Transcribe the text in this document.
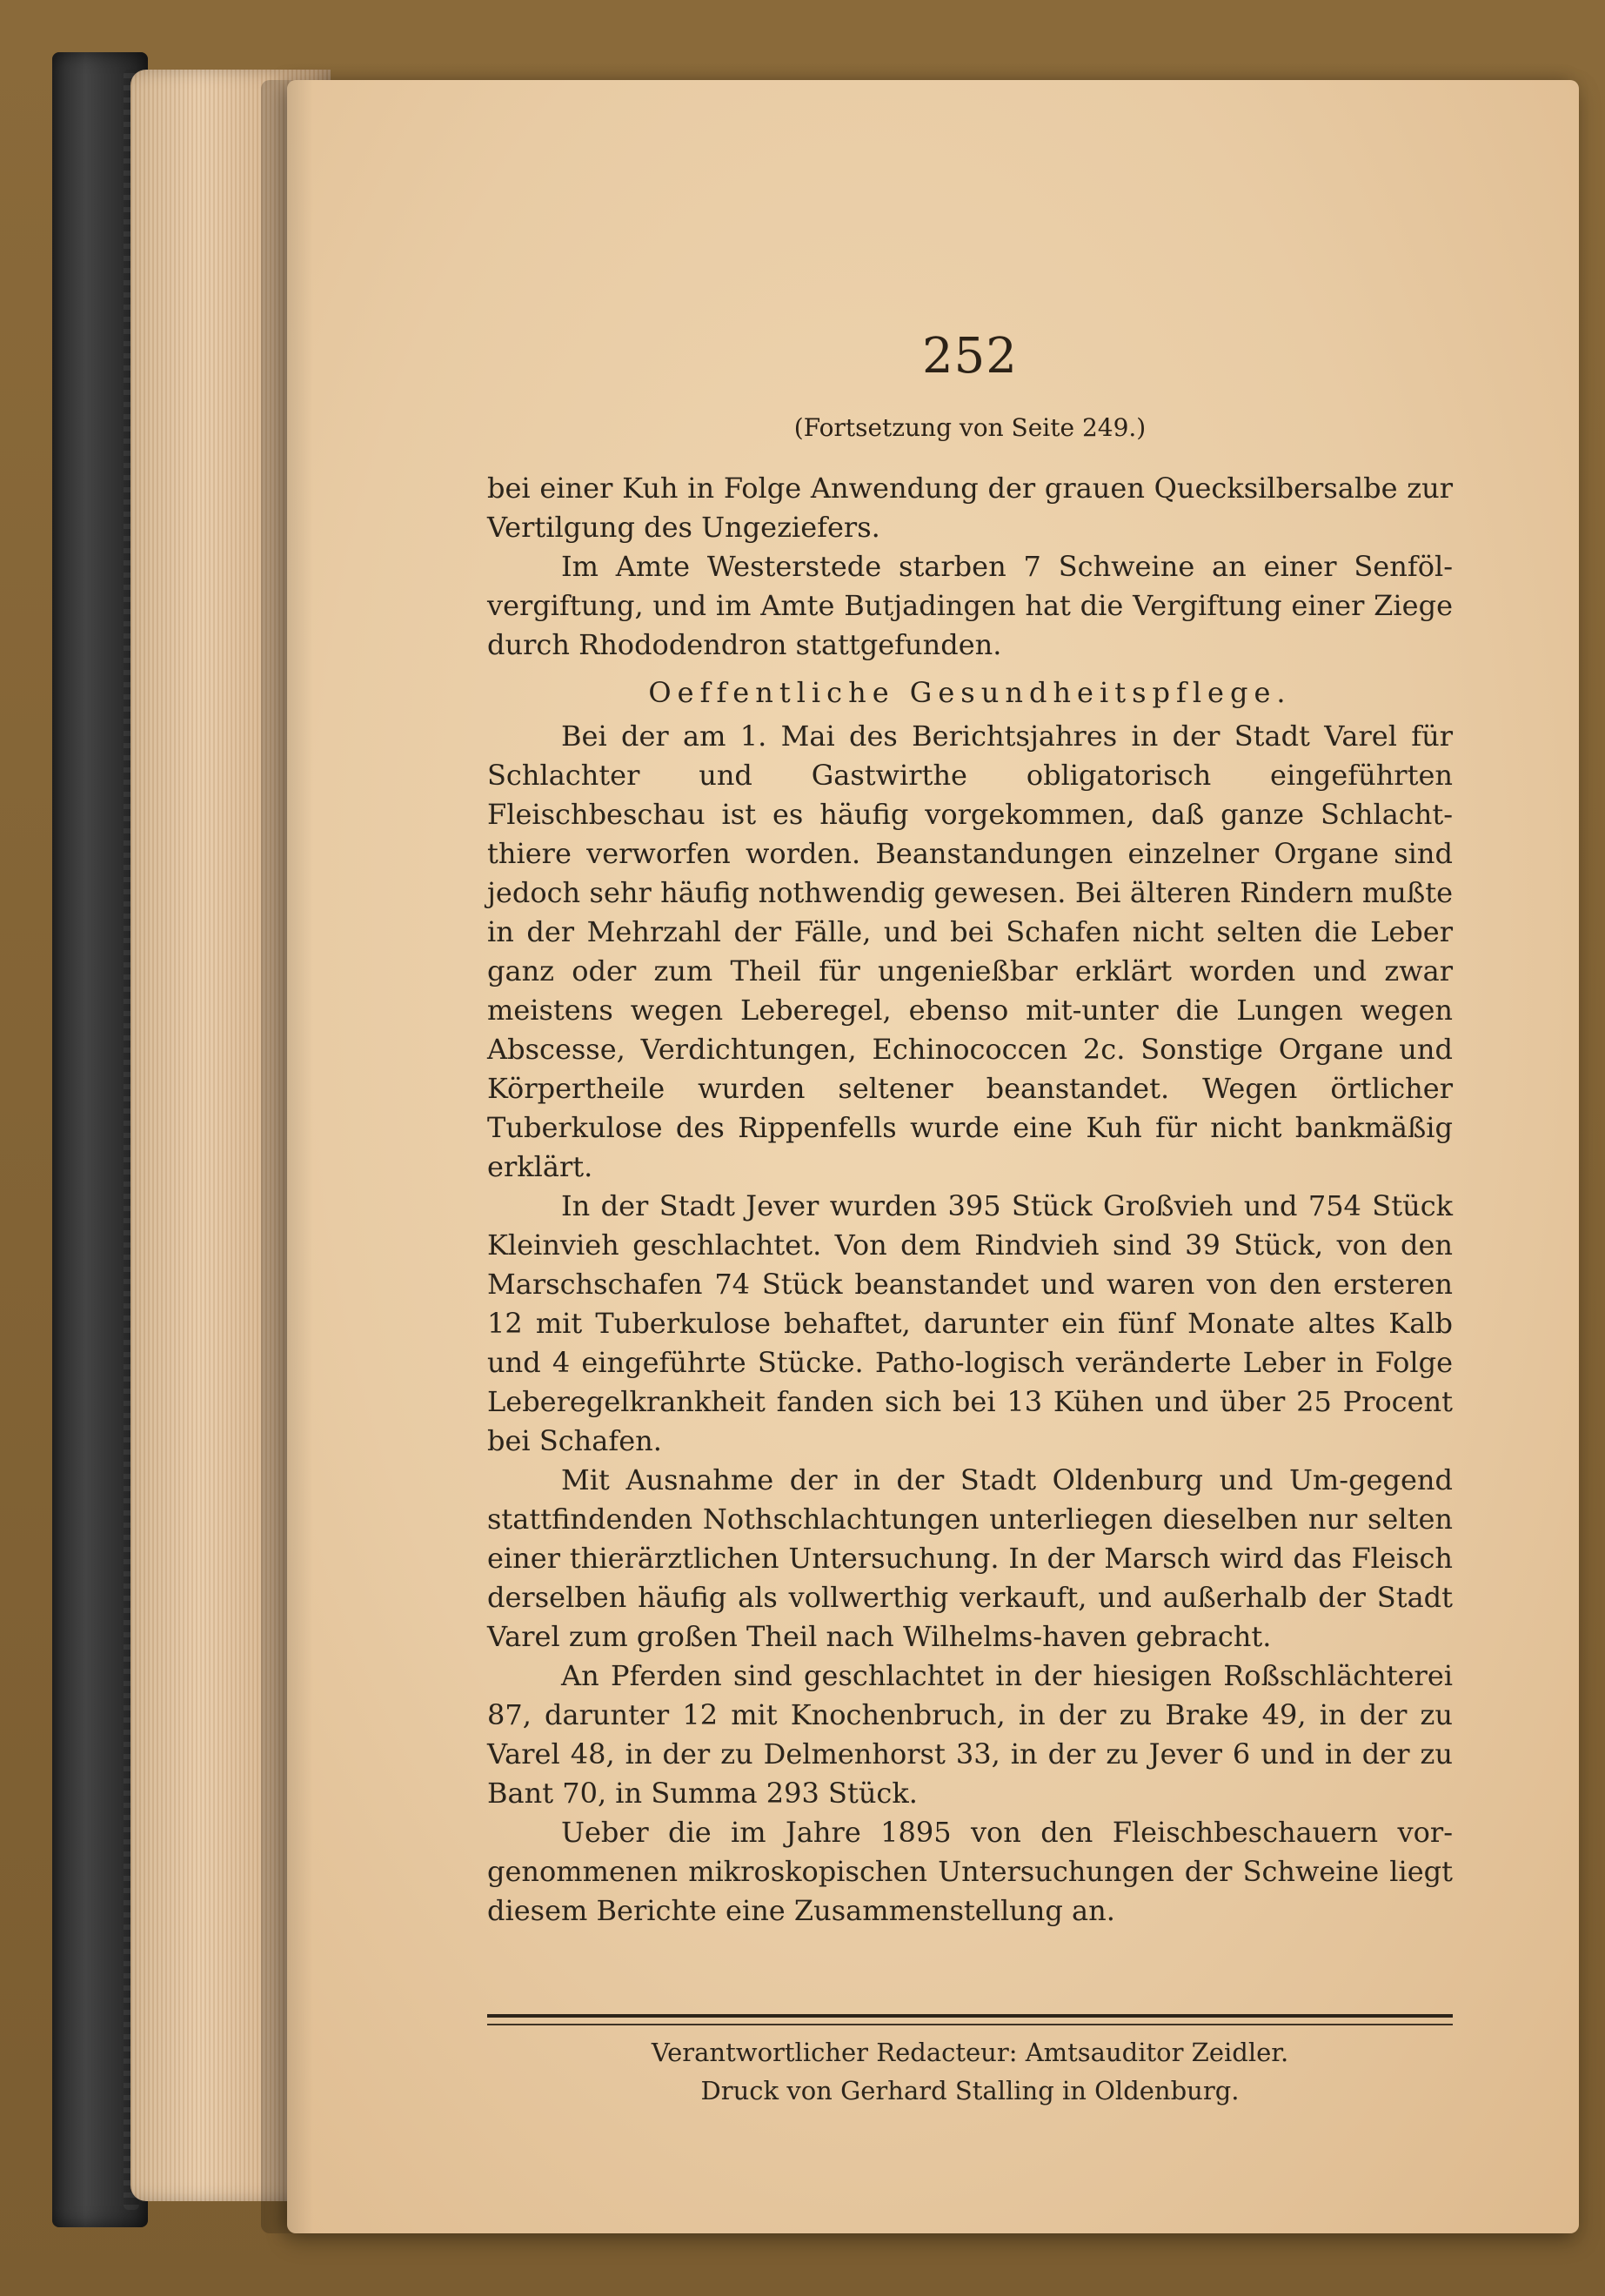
252

(Fortsetzung von Seite 249.)

bei einer Kuh in Folge Anwendung der grauen Quecksilbersalbe zur Vertilgung des Ungeziefers.

Im Amte Westerstede starben 7 Schweine an einer Senföl-vergiftung, und im Amte Butjadingen hat die Vergiftung einer Ziege durch Rhododendron stattgefunden.

Oeffentliche Gesundheitspflege.

Bei der am 1. Mai des Berichtsjahres in der Stadt Varel für Schlachter und Gastwirthe obligatorisch eingeführten Fleischbeschau ist es häufig vorgekommen, daß ganze Schlacht-thiere verworfen worden. Beanstandungen einzelner Organe sind jedoch sehr häufig nothwendig gewesen. Bei älteren Rindern mußte in der Mehrzahl der Fälle, und bei Schafen nicht selten die Leber ganz oder zum Theil für ungenießbar erklärt worden und zwar meistens wegen Leberegel, ebenso mit-unter die Lungen wegen Abscesse, Verdichtungen, Echinococcen 2c. Sonstige Organe und Körpertheile wurden seltener beanstandet. Wegen örtlicher Tuberkulose des Rippenfells wurde eine Kuh für nicht bankmäßig erklärt.

In der Stadt Jever wurden 395 Stück Großvieh und 754 Stück Kleinvieh geschlachtet. Von dem Rindvieh sind 39 Stück, von den Marschschafen 74 Stück beanstandet und waren von den ersteren 12 mit Tuberkulose behaftet, darunter ein fünf Monate altes Kalb und 4 eingeführte Stücke. Patho-logisch veränderte Leber in Folge Leberegelkrankheit fanden sich bei 13 Kühen und über 25 Procent bei Schafen.

Mit Ausnahme der in der Stadt Oldenburg und Um-gegend stattfindenden Nothschlachtungen unterliegen dieselben nur selten einer thierärztlichen Untersuchung. In der Marsch wird das Fleisch derselben häufig als vollwerthig verkauft, und außerhalb der Stadt Varel zum großen Theil nach Wilhelms-haven gebracht.

An Pferden sind geschlachtet in der hiesigen Roßschlächterei 87, darunter 12 mit Knochenbruch, in der zu Brake 49, in der zu Varel 48, in der zu Delmenhorst 33, in der zu Jever 6 und in der zu Bant 70, in Summa 293 Stück.

Ueber die im Jahre 1895 von den Fleischbeschauern vor-genommenen mikroskopischen Untersuchungen der Schweine liegt diesem Berichte eine Zusammenstellung an.

Verantwortlicher Redacteur: Amtsauditor Zeidler.

Druck von Gerhard Stalling in Oldenburg.
